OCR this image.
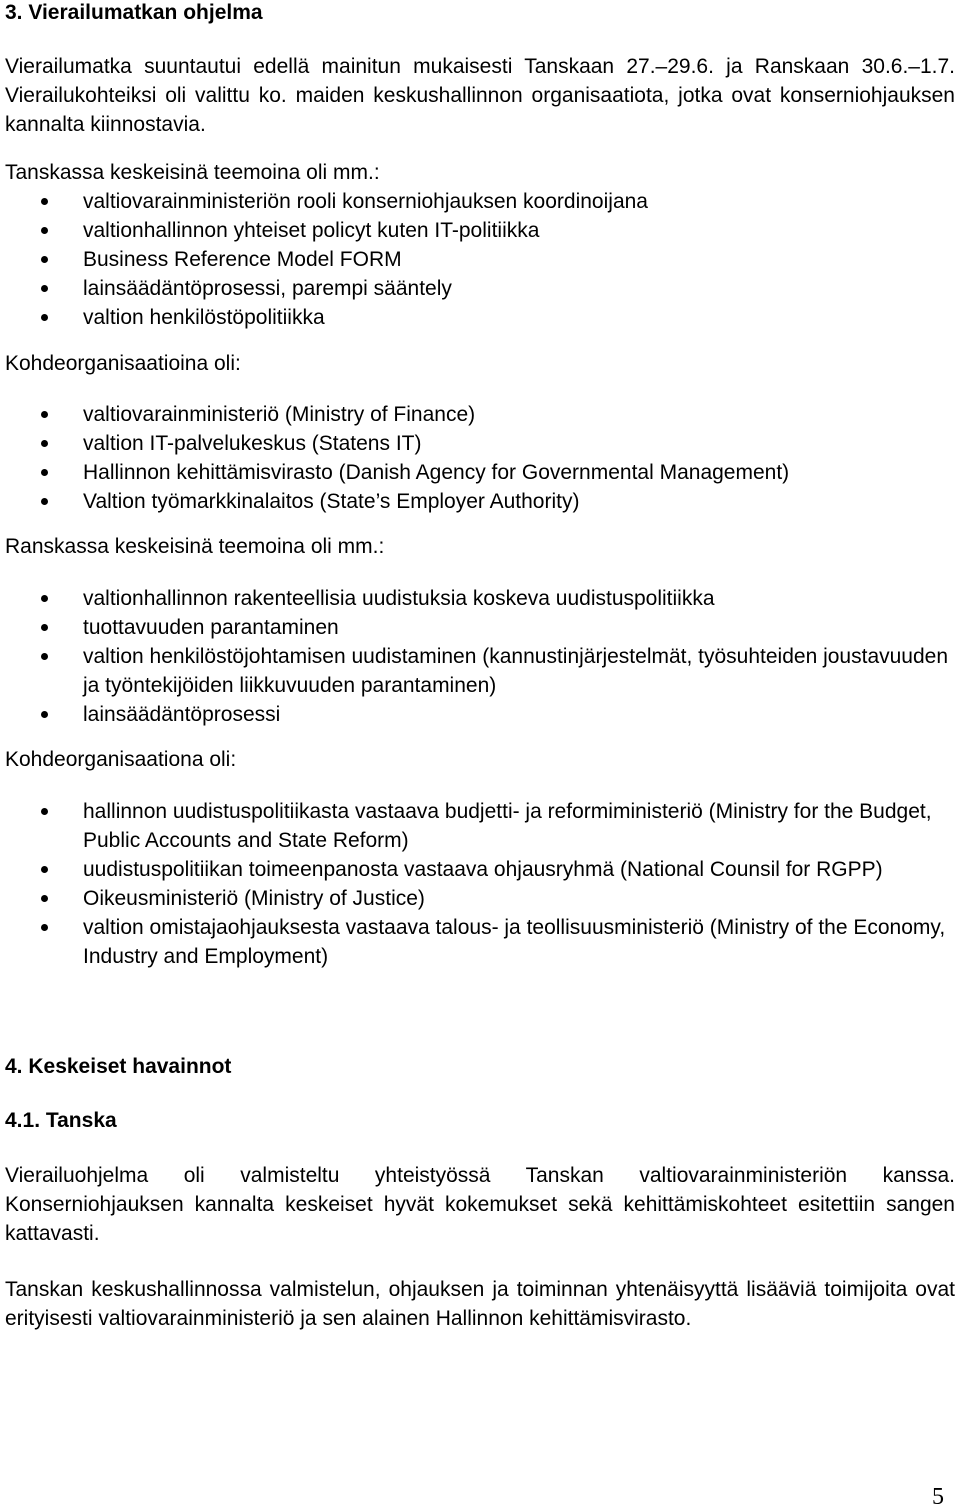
3. Vierailumatkan ohjelma

Vierailumatka suuntautui edellä mainitun mukaisesti Tanskaan 27.–29.6. ja Ranskaan 30.6.–1.7. Vierailukohteiksi oli valittu ko. maiden keskushallinnon organisaatiota, jotka ovat konserniohjauksen kannalta kiinnostavia.

Tanskassa keskeisinä teemoina oli mm.:

valtiovarainministeriön rooli konserniohjauksen koordinoijana
valtionhallinnon yhteiset policyt kuten IT-politiikka
Business Reference Model FORM
lainsäädäntöprosessi, parempi sääntely
valtion henkilöstöpolitiikka

Kohdeorganisaatioina oli:

valtiovarainministeriö (Ministry of Finance)
valtion IT-palvelukeskus (Statens IT)
Hallinnon kehittämisvirasto (Danish Agency for Governmental Management)
Valtion työmarkkinalaitos (State’s Employer Authority)

Ranskassa keskeisinä teemoina oli mm.:

valtionhallinnon rakenteellisia uudistuksia koskeva uudistuspolitiikka
tuottavuuden parantaminen
valtion henkilöstöjohtamisen uudistaminen (kannustinjärjestelmät, työsuhteiden joustavuuden ja työntekijöiden liikkuvuuden parantaminen)
lainsäädäntöprosessi

Kohdeorganisaationa oli:

hallinnon uudistuspolitiikasta vastaava budjetti- ja reformiministeriö (Ministry for the Budget, Public Accounts and State Reform)
uudistuspolitiikan toimeenpanosta vastaava ohjausryhmä (National Counsil for RGPP)
Oikeusministeriö (Ministry of Justice)
valtion omistajaohjauksesta vastaava talous- ja teollisuusministeriö (Ministry of the Economy, Industry and Employment)
4. Keskeiset havainnot
4.1. Tanska

Vierailuohjelma oli valmisteltu yhteistyössä Tanskan valtiovarainministeriön kanssa. Konserniohjauksen kannalta keskeiset hyvät kokemukset sekä kehittämiskohteet esitettiin sangen kattavasti.

Tanskan keskushallinnossa valmistelun, ohjauksen ja toiminnan yhtenäisyyttä lisääviä toimijoita ovat erityisesti valtiovarainministeriö ja sen alainen Hallinnon kehittämisvirasto.

5
